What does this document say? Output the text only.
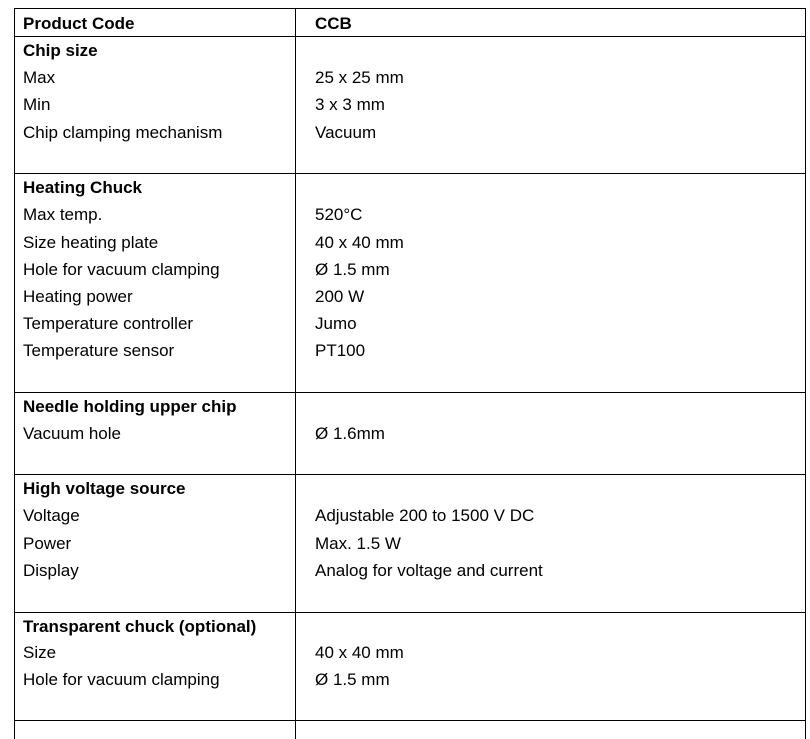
Product Code	CCB
Chip size
Max	25 x 25 mm
Min	3 x 3 mm
Chip clamping mechanism	Vacuum
Heating Chuck
Max temp.	520°C
Size heating plate	40 x 40 mm
Hole for vacuum clamping	Ø 1.5 mm
Heating power	200 W
Temperature controller	Jumo
Temperature sensor	PT100
Needle holding upper chip
Vacuum hole	Ø 1.6mm
High voltage source
Voltage	Adjustable 200 to 1500 V DC
Power	Max. 1.5 W
Display	Analog for voltage and current
Transparent chuck (optional)
Size	40 x 40 mm
Hole for vacuum clamping	Ø 1.5 mm
